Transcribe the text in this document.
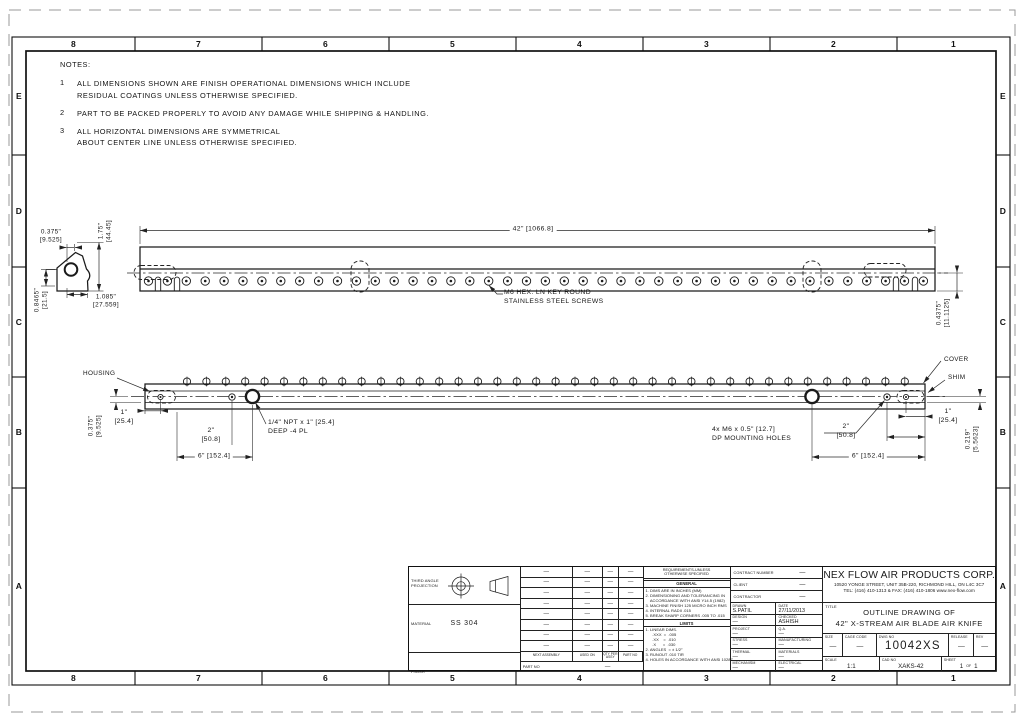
NOTES:
1	ALL DIMENSIONS SHOWN ARE FINISH OPERATIONAL DIMENSIONS WHICH INCLUDE
RESIDUAL COATINGS UNLESS OTHERWISE SPECIFIED.
2	PART TO BE PACKED PROPERLY TO AVOID ANY DAMAGE WHILE SHIPPING & HANDLING.
3	ALL HORIZONTAL DIMENSIONS ARE SYMMETRICAL
ABOUT CENTER LINE UNLESS OTHERWISE SPECIFIED.
42" [1066.8]
M6 HEX. LN KEY ROUND
STAINLESS STEEL SCREWS	0.4375" [11.1125]
HOUSING
COVER
SHIM
1/4" NPT x 1" [25.4]
DEEP -4 PL	4x M6 x 0.5" [12.7]
DP MOUNTING HOLES
1"
[25.4]
2"
[50.8]
6" [152.4]
1"
[25.4]
2"
[50.8]
6" [152.4]
0.375" [9.525]
0.219" [5.5623]
0.375"
[9.525]
1.75" [44.45]
0.8465" [21.5]	1.085"
[27.559]
THIRD ANGLE
PROJECTION
MATERIAL	SS 304
FINISH	—
—	—	—	—
—	—	—	—
—	—	—	—
—	—	—	—
—	—	—	—
—	—	—	—
—	—	—	—
—	—	—	—
NEXT ASSEMBLY	USED ON	QTY PER ASSY	PART NO
PART NO	—
REQUIREMENTS-UNLESS
OTHERWISE SPECIFIED
GENERAL
1. DIMS ARE IN INCHES (MM)
2. DIMENSIONING AND TOLERANCING IN
ACCORDANCE WITH ANSI Y14.5 (1982)
3. MACHINE FINISH 125 MICRO INCH RMS
4. INTERNAL RADII .015
5. BREAK SHARP CORNERS .005 TO .015
LIMITS
1. LINEAR DIMS.
.XXX  =  .005
.XX    =  .010
.X      =  .030
2. ANGLES  = ± 1/2°
3. RUNOUT .010 TIR
4. HOLES IN ACCORDANCE WITH ANSI 10287
CONTRACT NUMBER	—
CLIENT	—
CONTRACTOR	—
DRAWN
S.PATIL
DATE
27/11/2013
DESIGN
—
CHECKED
ASHISH
PROJECT
—
Q.A.
—
STRESS
—
MANUFACTURING
—
THERMAL
—
MATERIALS
—
MECHANISM
—
ELECTRICAL
—
NEX FLOW AIR PRODUCTS CORP.
10520 YONGE STREET, UNIT 35B-220, RICHMOND HILL, ON L4C 3C7
TEL: (416) 410-1313 & FAX: (416) 410-1806 www.nex-flow.com
TITLE
OUTLINE DRAWING OF
42" X-STREAM AIR BLADE AIR KNIFE
SIZE
—
CAGE CODE
—
DWG NO
10042XS
RELEASE
—
REV
—
SCALE
1:1
CAD NO
XAKS-42
SHEET
1 OF 1
8
8
7
7
6
6
5
5
4
4
3
3
2
2
1
1
E	E
D	D
C	C
B	B
A	A
